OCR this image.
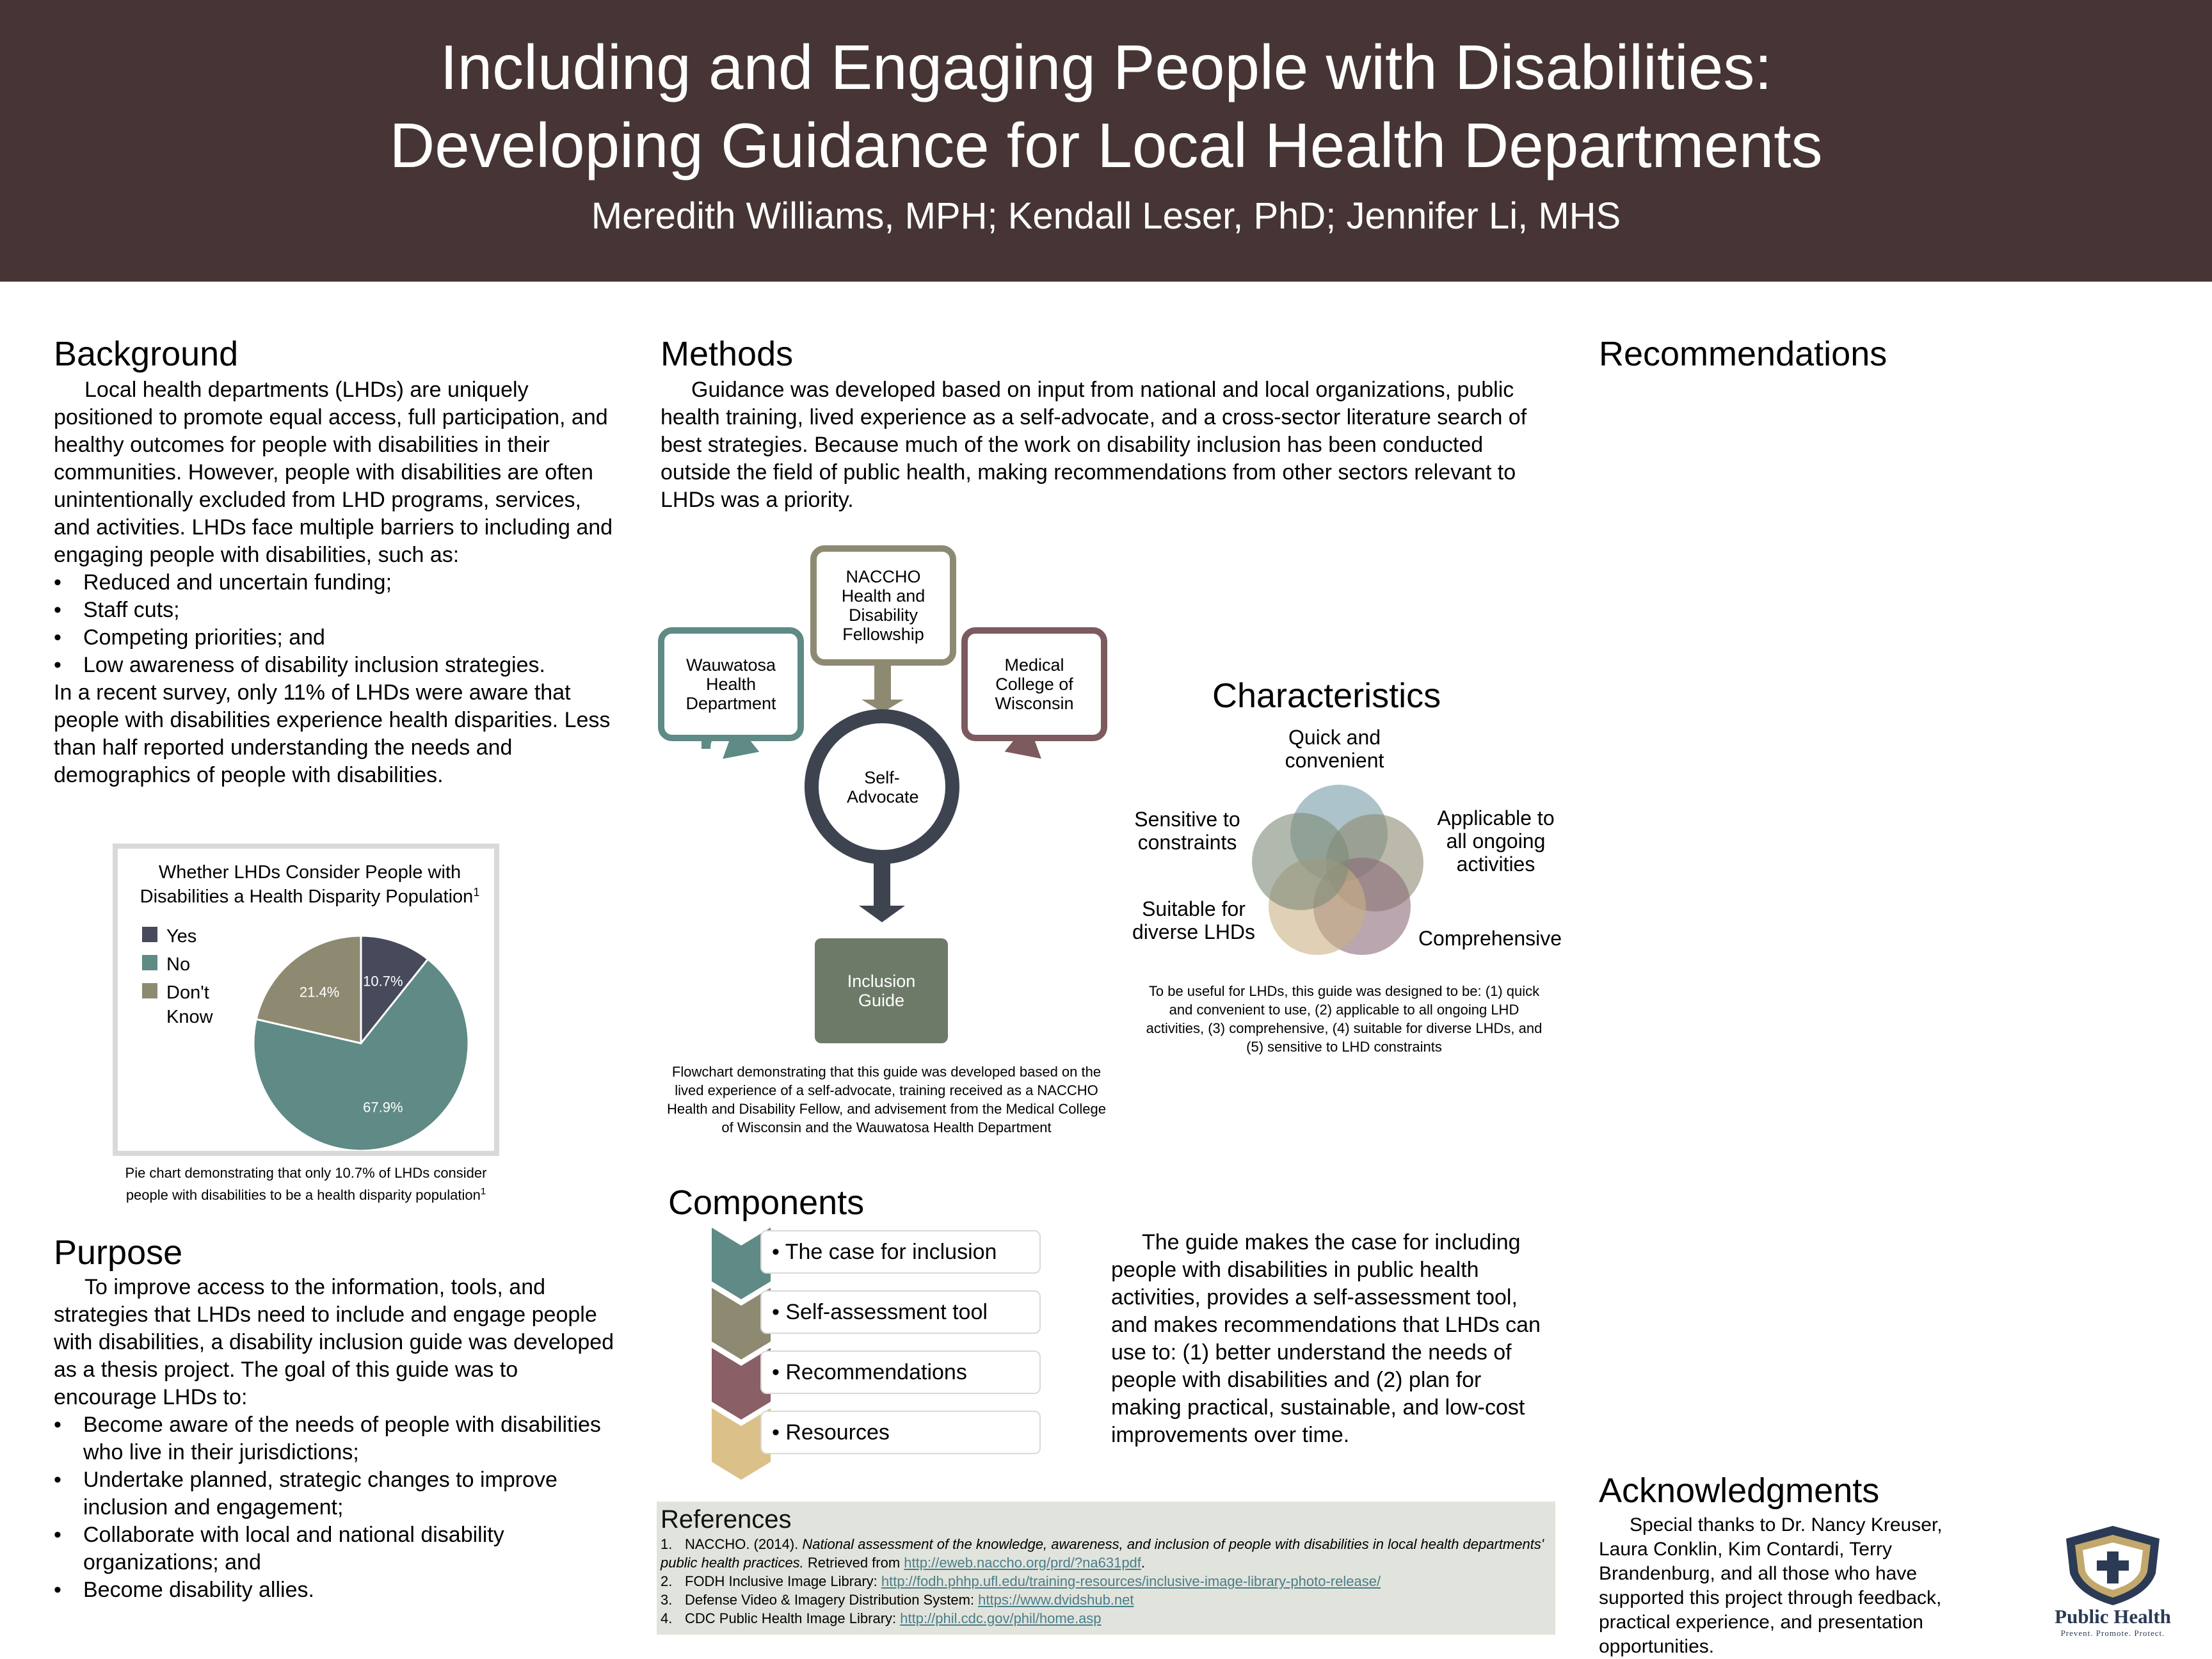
Including and Engaging People with Disabilities:
Developing Guidance for Local Health Departments
Meredith Williams, MPH; Kendall Leser, PhD; Jennifer Li, MHS
Background

Local health departments (LHDs) are uniquely positioned to promote equal access, full participation, and healthy outcomes for people with disabilities in their communities. However, people with disabilities are often unintentionally excluded from LHD programs, services, and activities. LHDs face multiple barriers to including and engaging people with disabilities, such as:

• Reduced and uncertain funding;
• Staff cuts;
• Competing priorities; and
• Low awareness of disability inclusion strategies.

In a recent survey, only 11% of LHDs were aware that people with disabilities experience health disparities. Less than half reported understanding the needs and demographics of people with disabilities.

Whether LHDs Consider People with
Disabilities a Health Disparity Population$^1$
Yes
No
Don't
Know
10.7%
67.9%
21.4%
Pie chart demonstrating that only 10.7% of LHDs consider people with disabilities to be a health disparity population$^1$
Purpose

To improve access to the information, tools, and strategies that LHDs need to include and engage people with disabilities, a disability inclusion guide was developed as a thesis project. The goal of this guide was to encourage LHDs to:

• Become aware of the needs of people with disabilities who live in their jurisdictions;
• Undertake planned, strategic changes to improve inclusion and engagement;
• Collaborate with local and national disability organizations; and
• Become disability allies.
Methods

Guidance was developed based on input from national and local organizations, public health training, lived experience as a self-advocate, and a cross-sector literature search of best strategies. Because much of the work on disability inclusion has been conducted outside the field of public health, making recommendations from other sectors relevant to LHDs was a priority.

NACCHO Health and Disability Fellowship
Wauwatosa Health Department
Medical College of Wisconsin
Self-Advocate
Inclusion Guide
Flowchart demonstrating that this guide was developed based on the lived experience of a self-advocate, training received as a NACCHO Health and Disability Fellow, and advisement from the Medical College of Wisconsin and the Wauwatosa Health Department
Characteristics
Quick and convenient
Applicable to all ongoing activities
Comprehensive
Suitable for diverse LHDs
Sensitive to constraints
To be useful for LHDs, this guide was designed to be: (1) quick and convenient to use, (2) applicable to all ongoing LHD activities, (3) comprehensive, (4) suitable for diverse LHDs, and (5) sensitive to LHD constraints
Components
• The case for inclusion
• Self-assessment tool
• Recommendations
• Resources

The guide makes the case for including people with disabilities in public health activities, provides a self-assessment tool, and makes recommendations that LHDs can use to: (1) better understand the needs of people with disabilities and (2) plan for making practical, sustainable, and low-cost improvements over time.

References
1. NACCHO. (2014). National assessment of the knowledge, awareness, and inclusion of people with disabilities in local health departments' public health practices. Retrieved from http://eweb.naccho.org/prd/?na631pdf.
2. FODH Inclusive Image Library: http://fodh.phhp.ufl.edu/training-resources/inclusive-image-library-photo-release/
3. Defense Video & Imagery Distribution System: https://www.dvidshub.net
4. CDC Public Health Image Library: http://phil.cdc.gov/phil/home.asp
Recommendations
Acknowledgments

Special thanks to Dr. Nancy Kreuser, Laura Conklin, Kim Contardi, Terry Brandenburg, and all those who have supported this project through feedback, practical experience, and presentation opportunities.

Public Health
Prevent. Promote. Protect.
